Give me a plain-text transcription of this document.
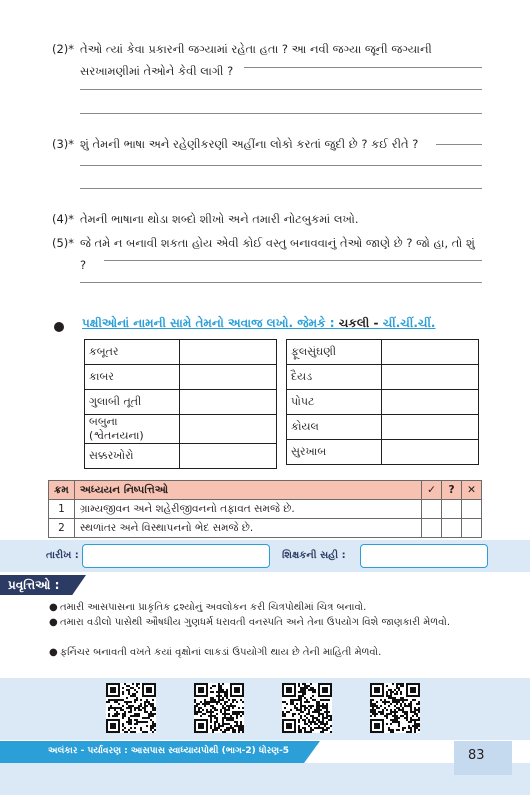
(2)* તેઓ ત્યાં કેવા પ્રકારની જગ્યામાં રહેતા હતા ? આ નવી જગ્યા જૂની જગ્યાની સરખામણીમાં તેઓને કેવી લાગી ?
(3)* શું તેમની ભાષા અને રહેણીકરણી અહીંના લોકો કરતાં જુદી છે ? કઈ રીતે ?
(4)* તેમની ભાષાના થોડા શબ્દો શીખો અને તમારી નોટબુકમાં લખો.
(5)* જે તમે ન બનાવી શકતા હોય એવી કોઈ વસ્તુ બનાવવાનું તેઓ જાણે છે ? જો હા, તો શું ?
પક્ષીઓનાં નામની સામે તેમનો અવાજ લખો. જેમકે : ચકલી - ચીં.ચીં.ચીં.
કબૂતર	
કાબર	
ગુલાબી તૂતી	
બબુના (શ્વેતનયના)	
સક્કરખોરો	
ફૂલસુંઘણી	
દૈયડ	
પોપટ	
કોયલ	
સુરખાબ	
ક્રમ	અધ્યયન નિષ્પત્તિઓ	✓	?	✕
1	ગ્રામ્યજીવન અને શહેરીજીવનનો તફાવત સમજે છે.			
2	સ્થળાંતર અને વિસ્થાપનનો ભેદ સમજે છે.			
તારીખ :	શિક્ષકની સહી :
પ્રવૃત્તિઓ :
● તમારી આસપાસના પ્રાકૃતિક દ્રશ્યોનું અવલોકન કરી ચિત્રપોથીમાં ચિત્ર બનાવો.
● તમારા વડીલો પાસેથી ઔષધીય ગુણધર્મ ધરાવતી વનસ્પતિ અને તેના ઉપયોગ વિશે જાણકારી મેળવો.
● ફર્નિચર બનાવતી વખતે કયાં વૃક્ષોનાં લાકડાં ઉપયોગી થાય છે તેની માહિતી મેળવો.
અલંકાર - પર્યાવરણ : આસપાસ સ્વાધ્યાયપોથી (ભાગ-2) ધોરણ-5	83
